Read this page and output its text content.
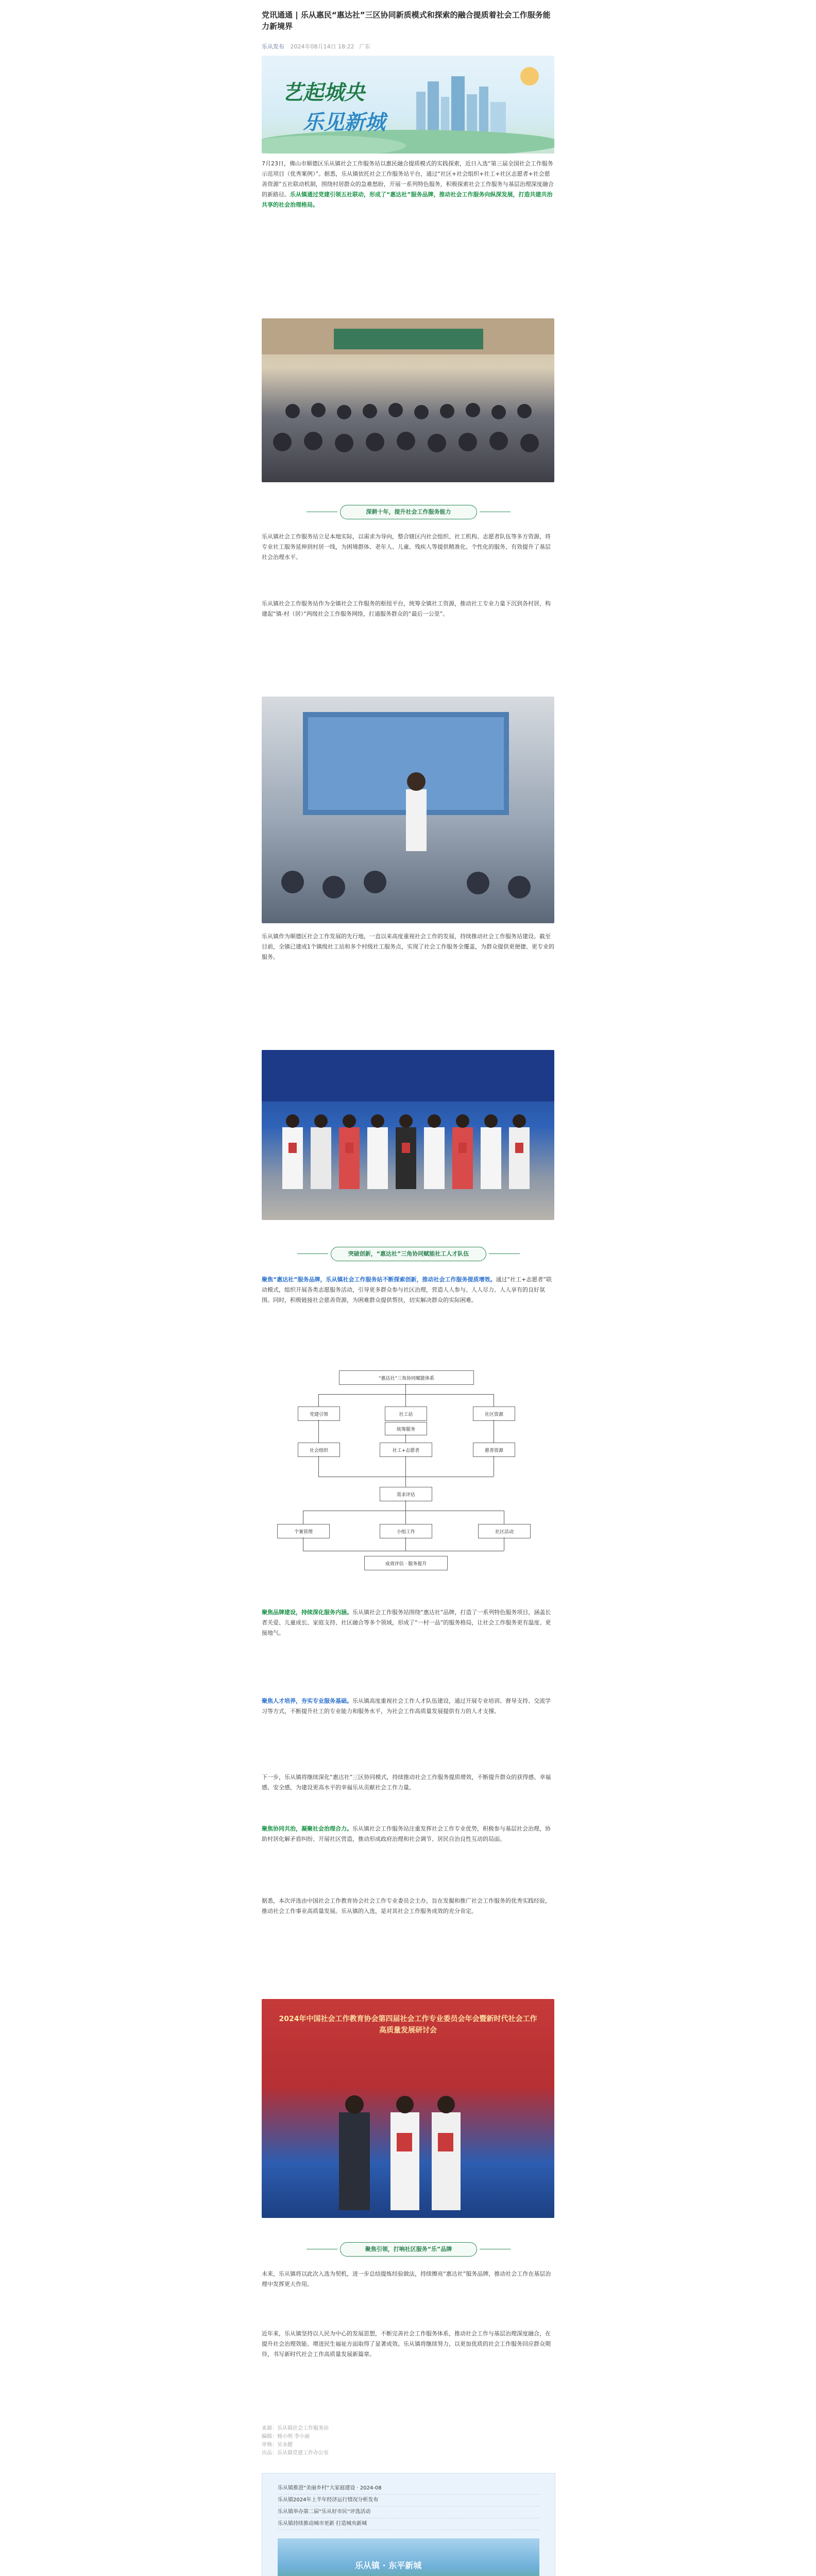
党讯通通 | 乐从惠民“惠达社”三区协同新质模式和探索的融合提质着社会工作服务能力新境界
乐从发布 2024年08月14日 18:22 广东
艺起城央
乐见新城

7月23日，佛山市顺德区乐从镇社会工作服务站以惠民融合提质模式的实践探索，近日入选“第三届全国社会工作服务示范项目（优秀案例）”。据悉，乐从镇依托社会工作服务站平台，通过“社区+社会组织+社工+社区志愿者+社会慈善资源”五社联动机制，围绕村居群众的急难愁盼，开展一系列特色服务，积极探索社会工作服务与基层治理深度融合的新路径。乐从镇通过党建引领五社联动，形成了“惠达社”服务品牌，推动社会工作服务向纵深发展，打造共建共治共享的社会治理格局。

深耕十年，提升社会工作服务能力

乐从镇社会工作服务站立足本地实际，以需求为导向，整合辖区内社会组织、社工机构、志愿者队伍等多方资源，将专业社工服务延伸到村居一线，为困境群体、老年人、儿童、残疾人等提供精准化、个性化的服务，有效提升了基层社会治理水平。

乐从镇社会工作服务站作为全镇社会工作服务的枢纽平台，统筹全镇社工资源，推动社工专业力量下沉到各村居，构建起“镇-村（居）”两级社会工作服务网络，打通服务群众的“最后一公里”。

乐从镇作为顺德区社会工作发展的先行地，一直以来高度重视社会工作的发展，持续推动社会工作服务站建设。截至目前，全镇已建成1个镇级社工站和多个村级社工服务点，实现了社会工作服务全覆盖，为群众提供更便捷、更专业的服务。

突破创新，“惠达社”三角协同赋能社工人才队伍

聚焦“惠达社”服务品牌，乐从镇社会工作服务站不断探索创新，推动社会工作服务提质增效。通过“社工+志愿者”联动模式，组织开展各类志愿服务活动，引导更多群众参与社区治理，营造人人参与、人人尽力、人人享有的良好氛围。同时，积极链接社会慈善资源，为困难群众提供帮扶，切实解决群众的实际困难。

“惠达社”三角协同赋能体系
党建引领	社工站	社区资源
统筹服务
社会组织	社工+志愿者	慈善资源
需求评估
个案管理	小组工作	社区活动
成效评估 · 服务提升

聚焦品牌建设，持续深化服务内涵。乐从镇社会工作服务站围绕“惠达社”品牌，打造了一系列特色服务项目，涵盖长者关爱、儿童成长、家庭支持、社区融合等多个领域，形成了“一村一品”的服务格局，让社会工作服务更有温度、更接地气。

聚焦人才培养，夯实专业服务基础。乐从镇高度重视社会工作人才队伍建设，通过开展专业培训、督导支持、交流学习等方式，不断提升社工的专业能力和服务水平，为社会工作高质量发展提供有力的人才支撑。

下一步，乐从镇将继续深化“惠达社”三区协同模式，持续推动社会工作服务提质增效，不断提升群众的获得感、幸福感、安全感，为建设更高水平的幸福乐从贡献社会工作力量。

聚焦协同共治，凝聚社会治理合力。乐从镇社会工作服务站注重发挥社会工作专业优势，积极参与基层社会治理，协助村居化解矛盾纠纷、开展社区营造，推动形成政府治理和社会调节、居民自治良性互动的局面。

据悉，本次评选由中国社会工作教育协会社会工作专业委员会主办，旨在发掘和推广社会工作服务的优秀实践经验，推动社会工作事业高质量发展。乐从镇的入选，是对其社会工作服务成效的充分肯定。

2024年中国社会工作教育协会第四届社会工作专业委员会年会暨新时代社会工作高质量发展研讨会
聚焦引领，打响社区服务“乐”品牌

未来，乐从镇将以此次入选为契机，进一步总结提炼经验做法，持续擦亮“惠达社”服务品牌，推动社会工作在基层治理中发挥更大作用。

近年来，乐从镇坚持以人民为中心的发展思想，不断完善社会工作服务体系，推动社会工作与基层治理深度融合，在提升社会治理效能、增进民生福祉方面取得了显著成效。乐从镇将继续努力，以更加优质的社会工作服务回应群众期待，书写新时代社会工作高质量发展新篇章。

来源：乐从镇社会工作服务站
编辑：杨小明 李小丽
审核：吴永健
出品：乐从镇党建工作办公室
乐从镇推进“美丽乡村”大家庭建设 · 2024-08
乐从镇2024年上半年经济运行情况分析发布
乐从镇举办第二届“乐从好市民”评选活动
乐从镇持续推动城市更新 打造城央新城
乐从镇 · 东平新城
